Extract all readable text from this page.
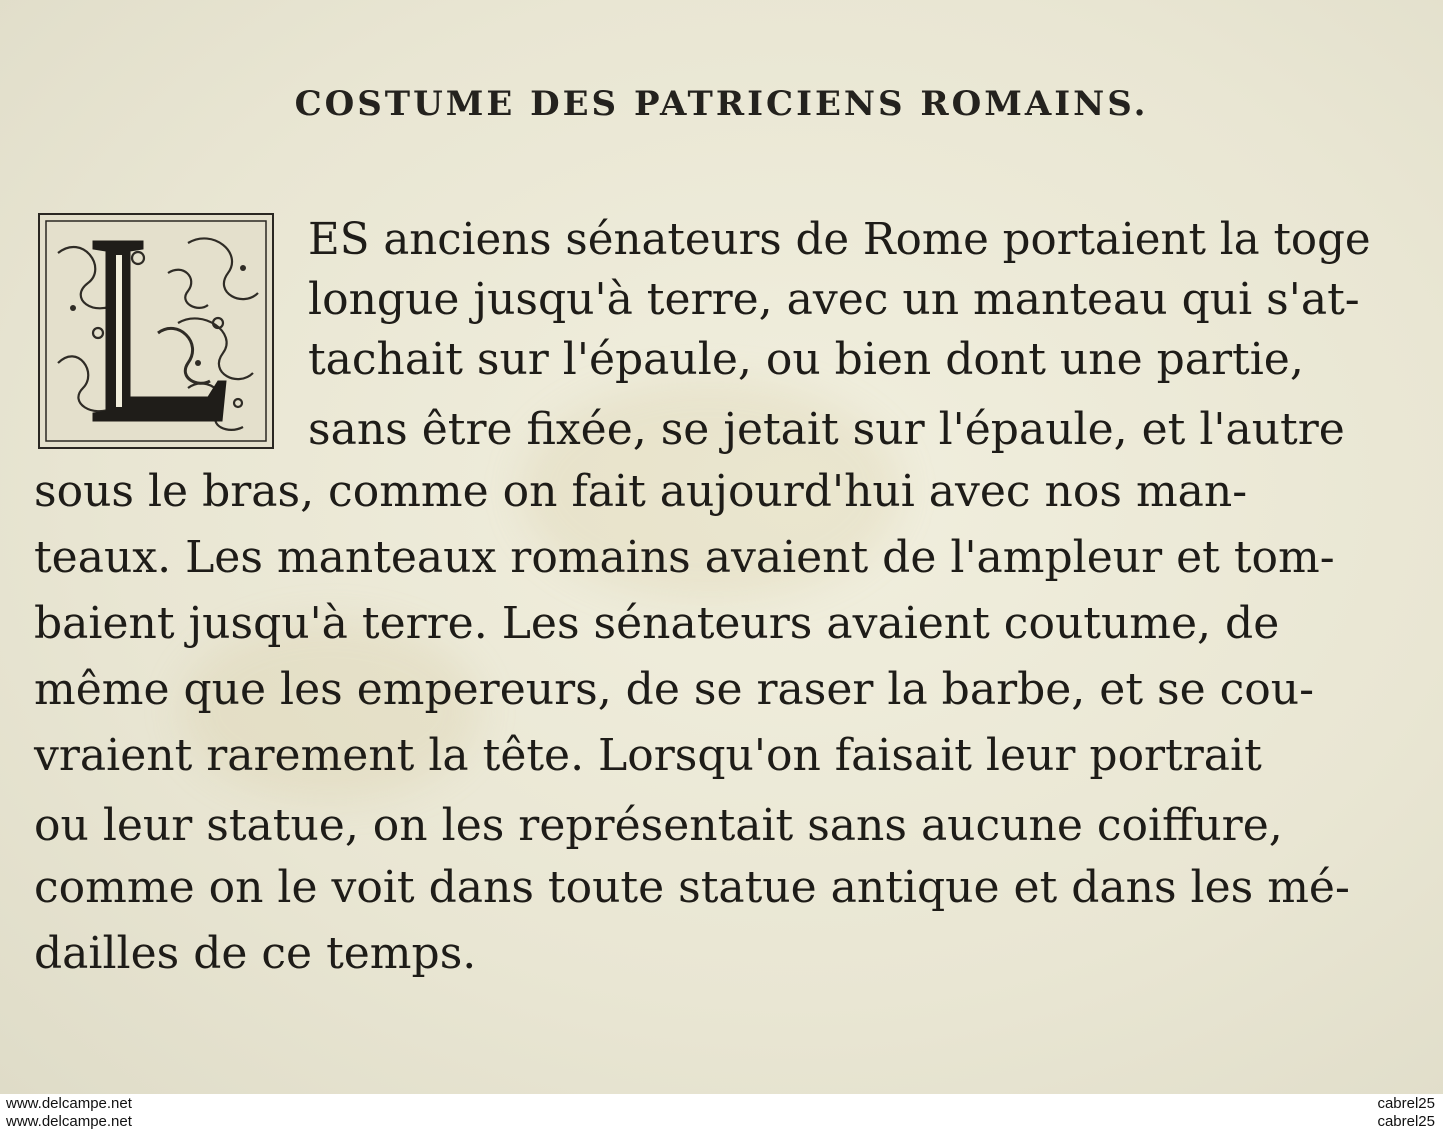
COSTUME DES PATRICIENS ROMAINS.
ES anciens sénateurs de Rome portaient la toge
longue jusqu'à terre, avec un manteau qui s'at-
tachait sur l'épaule, ou bien dont une partie,
sans être fixée, se jetait sur l'épaule, et l'autre
sous le bras, comme on fait aujourd'hui avec nos man-
teaux. Les manteaux romains avaient de l'ampleur et tom-
baient jusqu'à terre. Les sénateurs avaient coutume, de
même que les empereurs, de se raser la barbe, et se cou-
vraient rarement la tête. Lorsqu'on faisait leur portrait
ou leur statue, on les représentait sans aucune coiffure,
comme on le voit dans toute statue antique et dans les mé-
dailles de ce temps.
www.delcampe.net
www.delcampe.net
cabrel25
cabrel25
